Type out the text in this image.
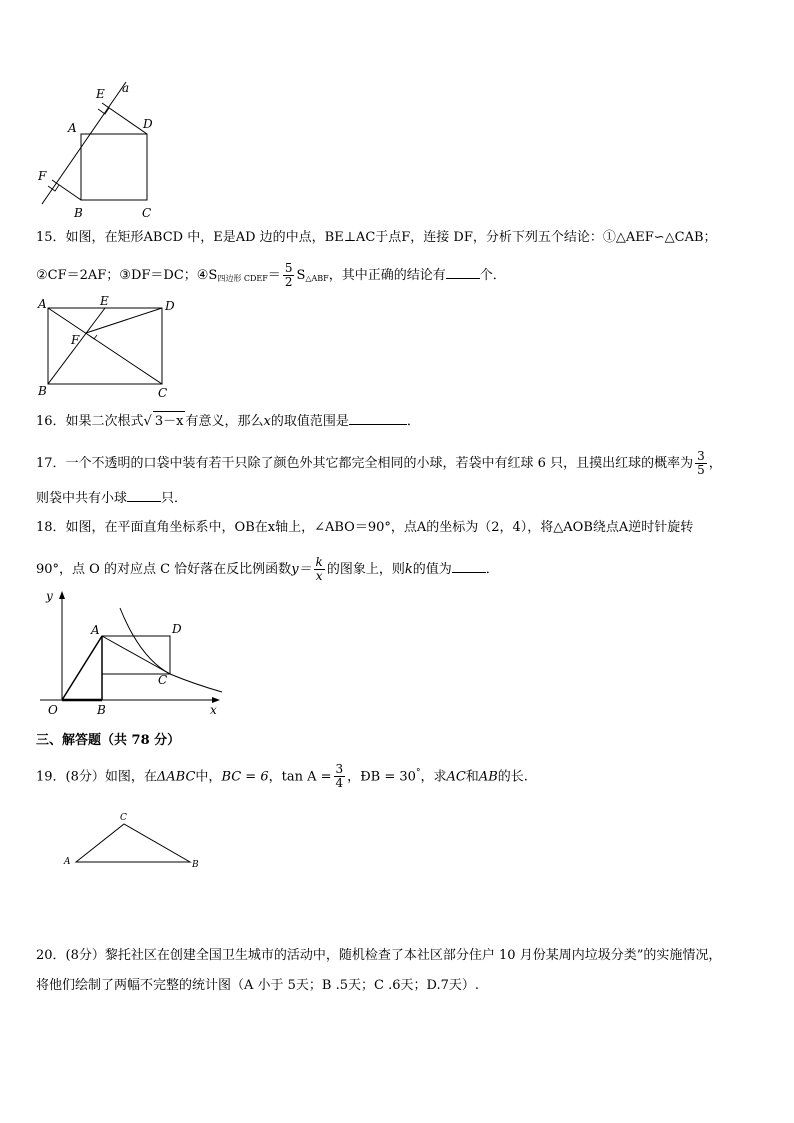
E a
A	D
F
B	C
15．如图，在矩形ABCD 中，E是AD 边的中点，BE⊥AC于点F，连接 DF，分析下列五个结论：①△AEF∽△CAB；
②CF＝2AF；③DF＝DC；$④S_{四边形 CDEF}= \frac{5}{2} S_{\triangle ABF}$，其中正确的结论有	个．
A	E	D
F
B	C
16．如果二次根式√ 3－x 有意义，那么x的取值范围是	．
17．一个不透明的口袋中装有若干只除了颜色外其它都完全相同的小球，若袋中有红球 6 只，且摸出红球的概率为 $\frac{3}{5}$ ，
则袋中共有小球	只．
18．如图，在平面直角坐标系中，OB在x轴上，∠ABO＝90°，点A的坐标为（2，4），将△AOB绕点A逆时针旋转
90°，点 O 的对应点 C 恰好落在反比例函数$y= \frac{k}{x}$ 的图象上，则k的值为	．
y
A	D
C
O	B	x
三、解答题（共 78 分）
19．(8分）如图，在ΔABC中，BC = 6，$\tan A = \frac{3}{4}$ ，ÐB = 30°，求AC和AB的长.
C
A	B
20．(8分）黎托社区在创建全国卫生城市的活动中，随机检查了本社区部分住户 10 月份某周内垃圾分类”的实施情况，
将他们绘制了两幅不完整的统计图（A 小于 5天；B .5天；C .6天；D.7天）.
